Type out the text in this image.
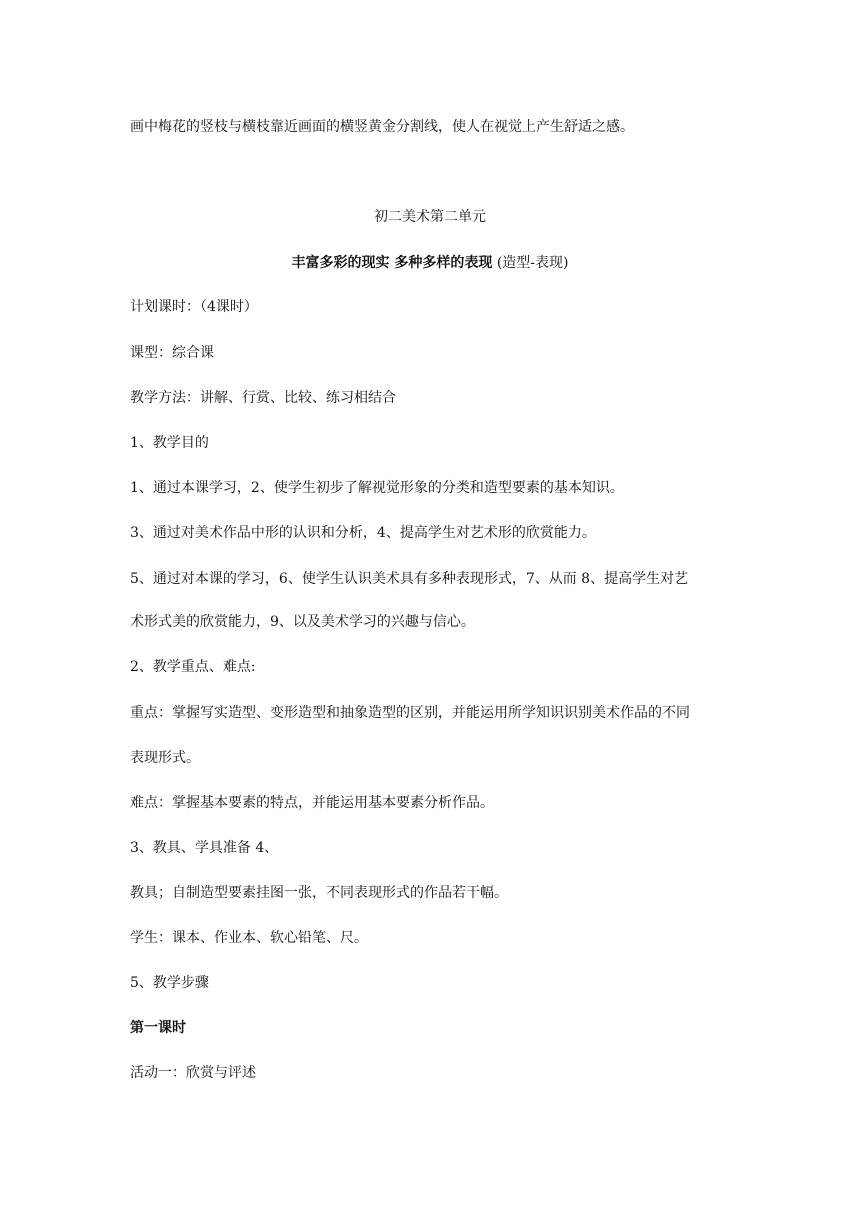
画中梅花的竖枝与横枝靠近画面的横竖黄金分割线，使人在视觉上产生舒适之感。
初二美术第二单元
丰富多彩的现实 多种多样的表现 (造型-表现)
计划课时：（4课时）
课型：综合课
教学方法：讲解、行赏、比较、练习相结合
1、教学目的
1、通过本课学习，2、使学生初步了解视觉形象的分类和造型要素的基本知识。
3、通过对美术作品中形的认识和分析，4、提高学生对艺术形的欣赏能力。
5、通过对本课的学习，6、使学生认识美术具有多种表现形式，7、从而 8、提高学生对艺
术形式美的欣赏能力，9、以及美术学习的兴趣与信心。
2、教学重点、难点:
重点：掌握写实造型、变形造型和抽象造型的区别，并能运用所学知识识别美术作品的不同
表现形式。
难点：掌握基本要素的特点，并能运用基本要素分析作品。
3、教具、学具准备 4、
教具；自制造型要素挂图一张，不同表现形式的作品若干幅。
学生：课本、作业本、软心铅笔、尺。
5、教学步骤
第一课时
活动一：欣赏与评述
